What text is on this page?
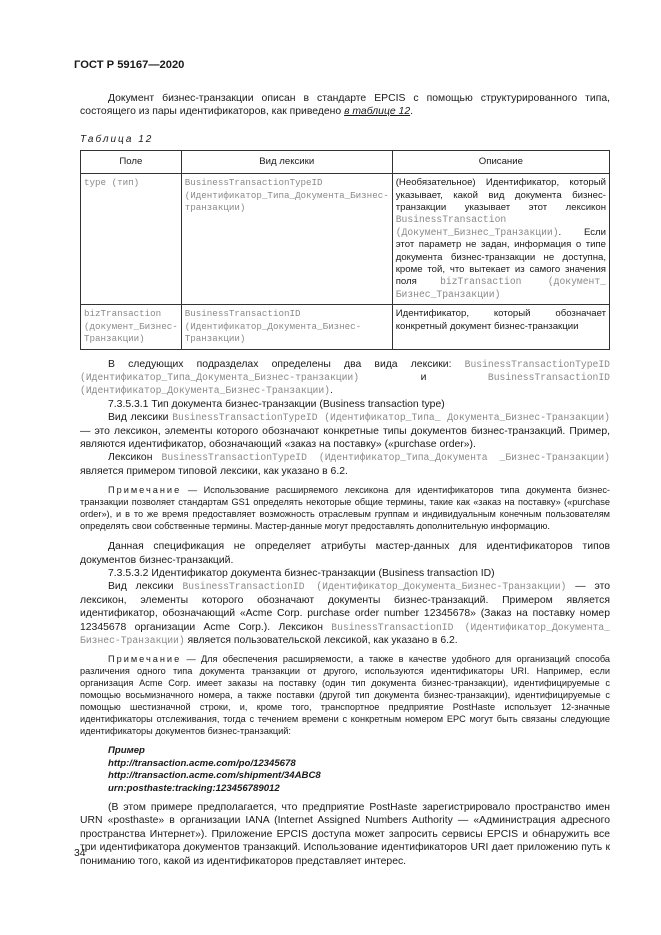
ГОСТ Р 59167—2020

Документ бизнес-транзакции описан в стандарте EPCIS с помощью структурированного типа, состоящего из пары идентификаторов, как приведено в таблице 12.

Таблица 12
Поле	Вид лексики	Описание
type (тип)	BusinessTransactionTypeID (Идентификатор_Типа_Документа_Бизнес-транзакции)	(Необязательное) Идентификатор, который указывает, какой вид документа бизнес-транзакции указывает этот лексикон BusinessTransaction (Документ_Бизнес_Транзакции). Если этот параметр не задан, информация о типе документа бизнес-транзакции не доступна, кроме той, что вытекает из самого значения поля bizTransaction (документ_ Бизнес_Транзакции)
bizTransaction (документ_Бизнес-Транзакции)	BusinessTransactionID (Идентификатор_Документа_Бизнес-Транзакции)	Идентификатор, который обозначает конкретный документ бизнес-транзакции

В следующих подразделах определены два вида лексики: BusinessTransactionTypeID (Идентификатор_Типа_Документа_Бизнес-транзакции) и BusinessTransactionID (Идентификатор_Документа_Бизнес-Транзакции).

7.3.5.3.1 Тип документа бизнес-транзакции (Business transaction type)

Вид лексики BusinessTransactionTypeID (Идентификатор_Типа_ Документа_Бизнес-Транзакции) — это лексикон, элементы которого обозначают конкретные типы документов бизнес-транзакций. Пример, являются идентификатор, обозначающий «заказ на поставку» («purchase order»).

Лексикон BusinessTransactionTypeID (Идентификатор_Типа_Документа _Бизнес-Транзакции) является примером типовой лексики, как указано в 6.2.

Примечание — Использование расширяемого лексикона для идентификаторов типа документа бизнес-транзакции позволяет стандартам GS1 определять некоторые общие термины, такие как «заказ на поставку» («purchase order»), и в то же время предоставляет возможность отраслевым группам и индивидуальным конечным пользователям определять свои собственные термины. Мастер-данные могут предоставлять дополнительную информацию.

Данная спецификация не определяет атрибуты мастер-данных для идентификаторов типов документов бизнес-транзакций.

7.3.5.3.2 Идентификатор документа бизнес-транзакции (Business transaction ID)

Вид лексики BusinessTransactionID (Идентификатор_Документа_Бизнес-Транзакции) — это лексикон, элементы которого обозначают документы бизнес-транзакций. Примером является идентификатор, обозначающий «Acme Corp. purchase order number 12345678» (Заказ на поставку номер 12345678 организации Acme Corp.). Лексикон BusinessTransactionID (Идентификатор_Документа_ Бизнес-Транзакции) является пользовательской лексикой, как указано в 6.2.

Примечание — Для обеспечения расширяемости, а также в качестве удобного для организаций способа различения одного типа документа транзакции от другого, используются идентификаторы URI. Например, если организация Acme Corp. имеет заказы на поставку (один тип документа бизнес-транзакции), идентифицируемые с помощью восьмизначного номера, а также поставки (другой тип документа бизнес-транзакции), идентифицируемые с помощью шестизначной строки, и, кроме того, транспортное предприятие PostHaste использует 12-значные идентификаторы отслеживания, тогда с течением времени с конкретным номером EPC могут быть связаны следующие идентификаторы документов бизнес-транзакций:

Пример
http://transaction.acme.com/po/12345678
http://transaction.acme.com/shipment/34ABC8
urn:posthaste:tracking:123456789012

(В этом примере предполагается, что предприятие PostHaste зарегистрировало пространство имен URN «posthaste» в организации IANA (Internet Assigned Numbers Authority — «Администрация адресного пространства Интернет»). Приложение EPCIS доступа может запросить сервисы EPCIS и обнаружить все три идентификатора документов транзакций. Использование идентификаторов URI дает приложению путь к пониманию того, какой из идентификаторов представляет интерес.

34
